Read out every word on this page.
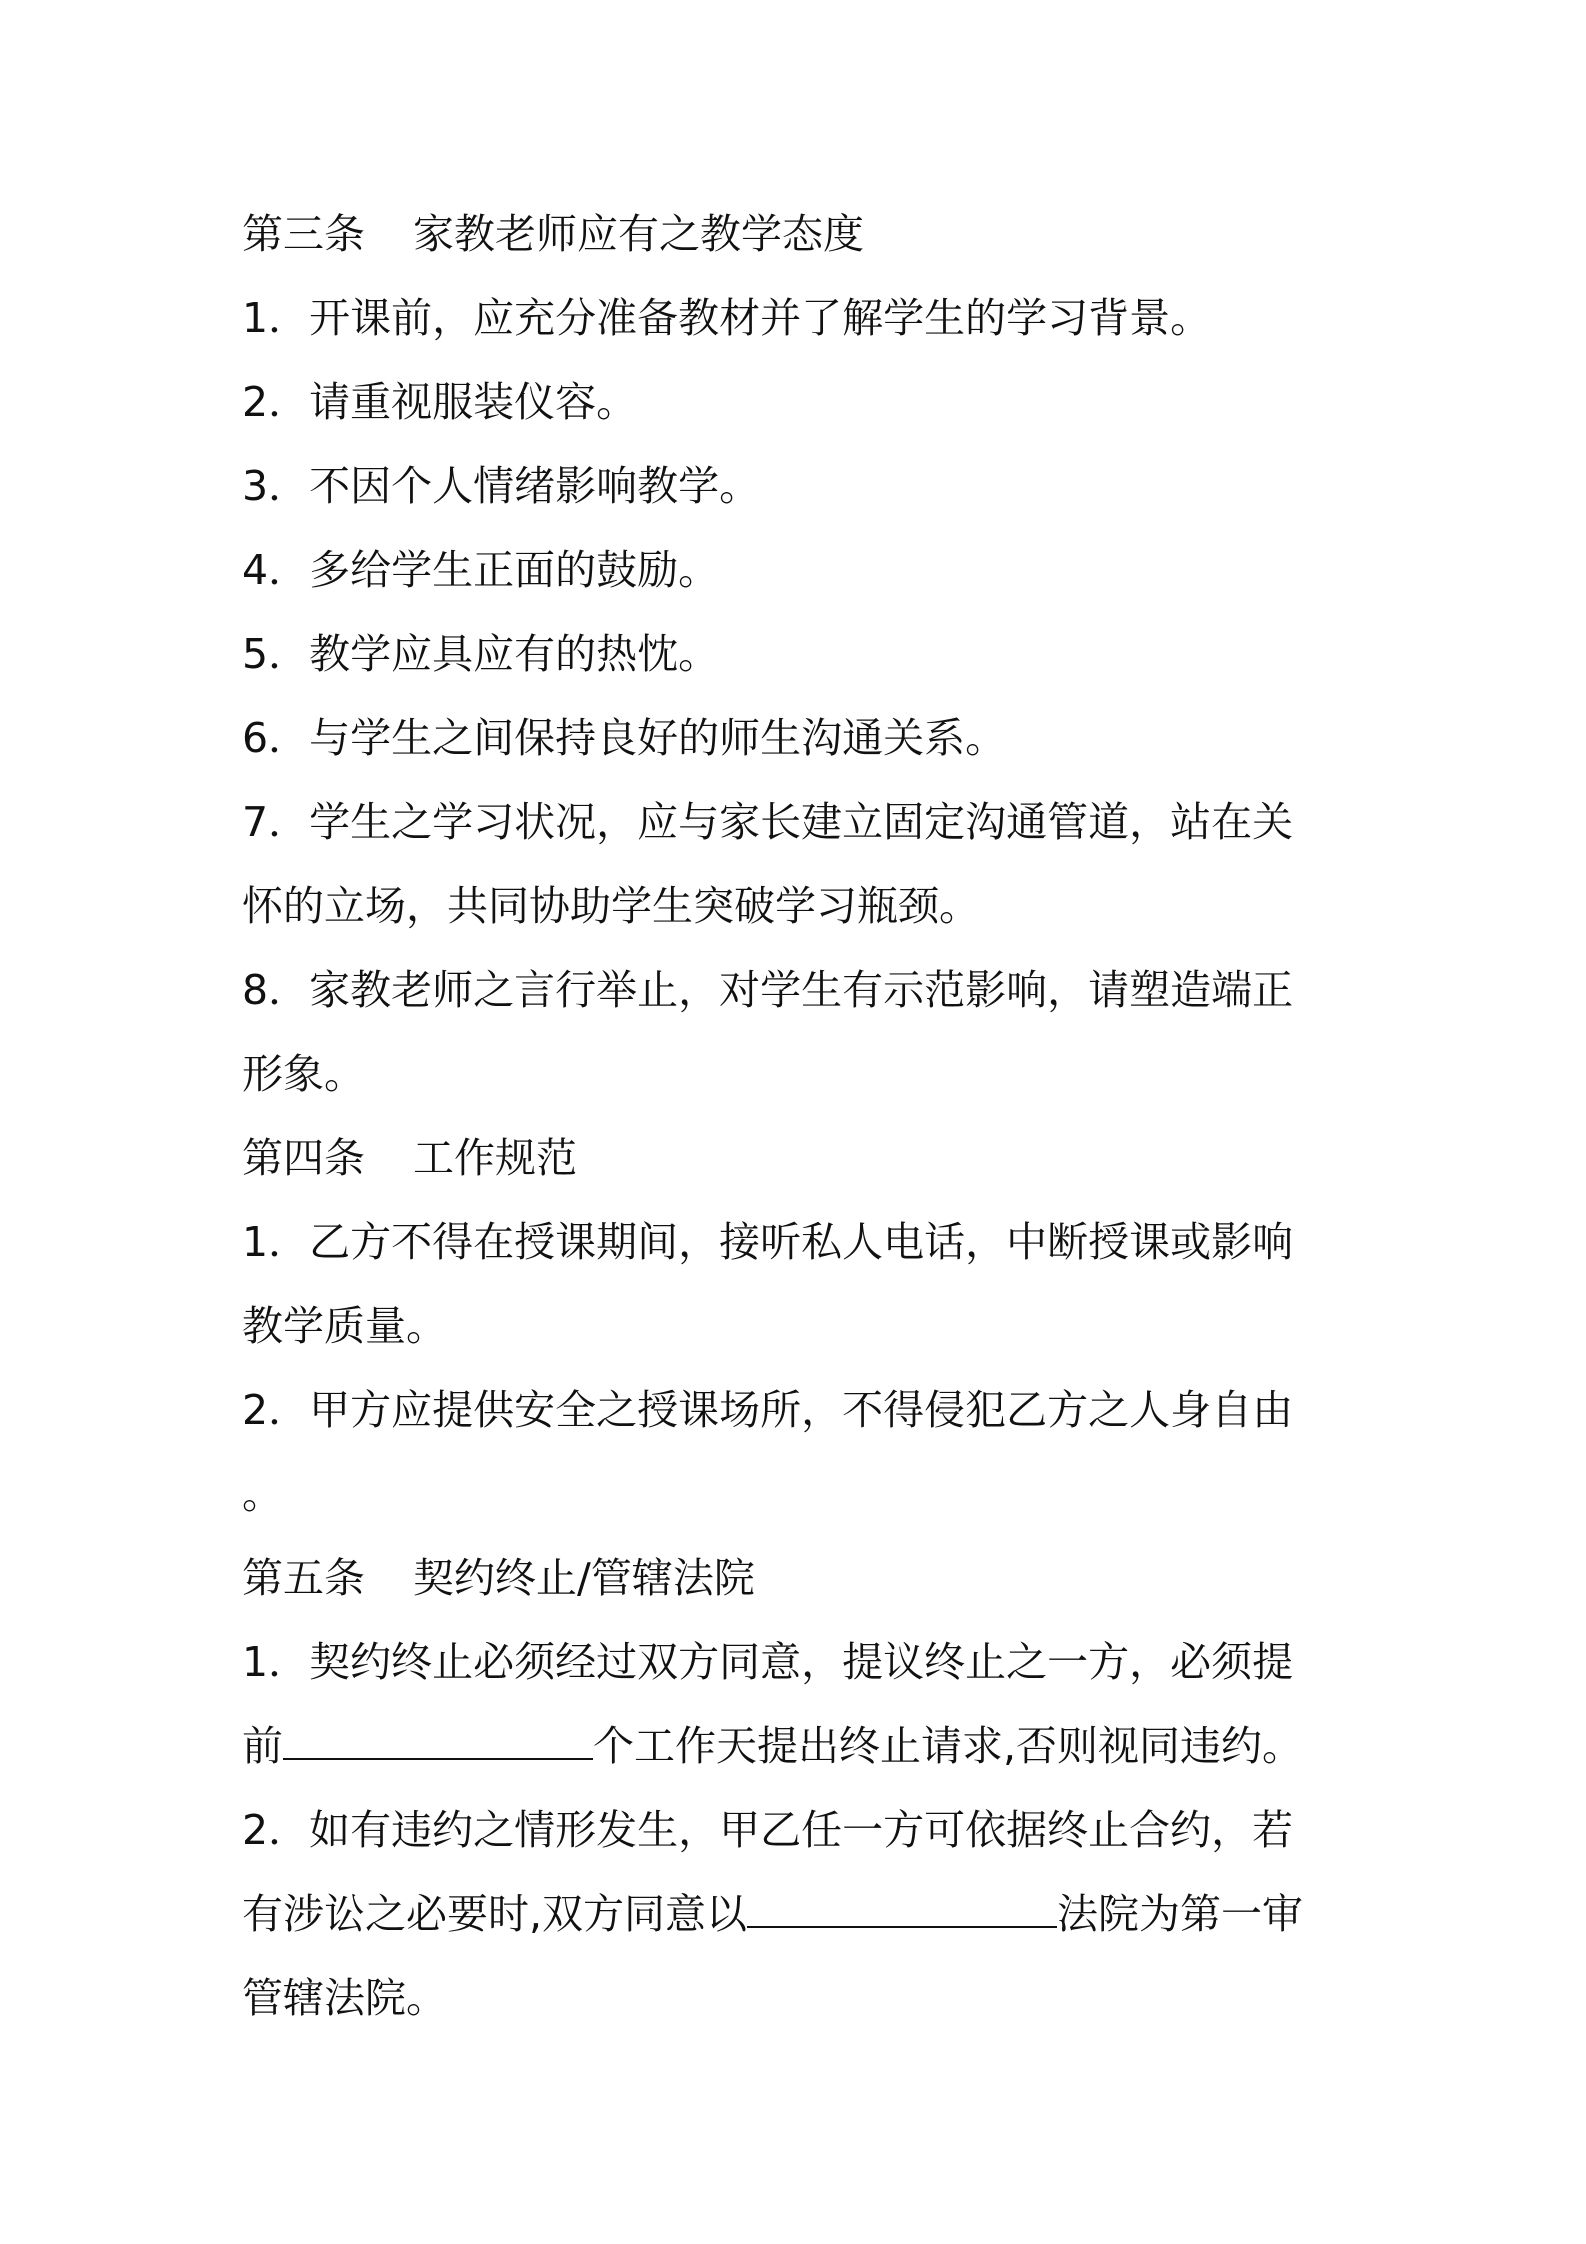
第三条 家教老师应有之教学态度
1．开课前，应充分准备教材并了解学生的学习背景。
2．请重视服装仪容。
3．不因个人情绪影响教学。
4．多给学生正面的鼓励。
5．教学应具应有的热忱。
6．与学生之间保持良好的师生沟通关系。
7．学生之学习状况，应与家长建立固定沟通管道，站在关
怀的立场，共同协助学生突破学习瓶颈。
8．家教老师之言行举止，对学生有示范影响，请塑造端正
形象。
第四条 工作规范
1．乙方不得在授课期间，接听私人电话，中断授课或影响
教学质量。
2．甲方应提供安全之授课场所，不得侵犯乙方之人身自由
。
第五条 契约终止/管辖法院
1．契约终止必须经过双方同意，提议终止之一方，必须提
前	个工作天提出终止请求,否则视同违约。
2．如有违约之情形发生，甲乙任一方可依据终止合约，若
有涉讼之必要时,双方同意以	法院为第一审
管辖法院。
